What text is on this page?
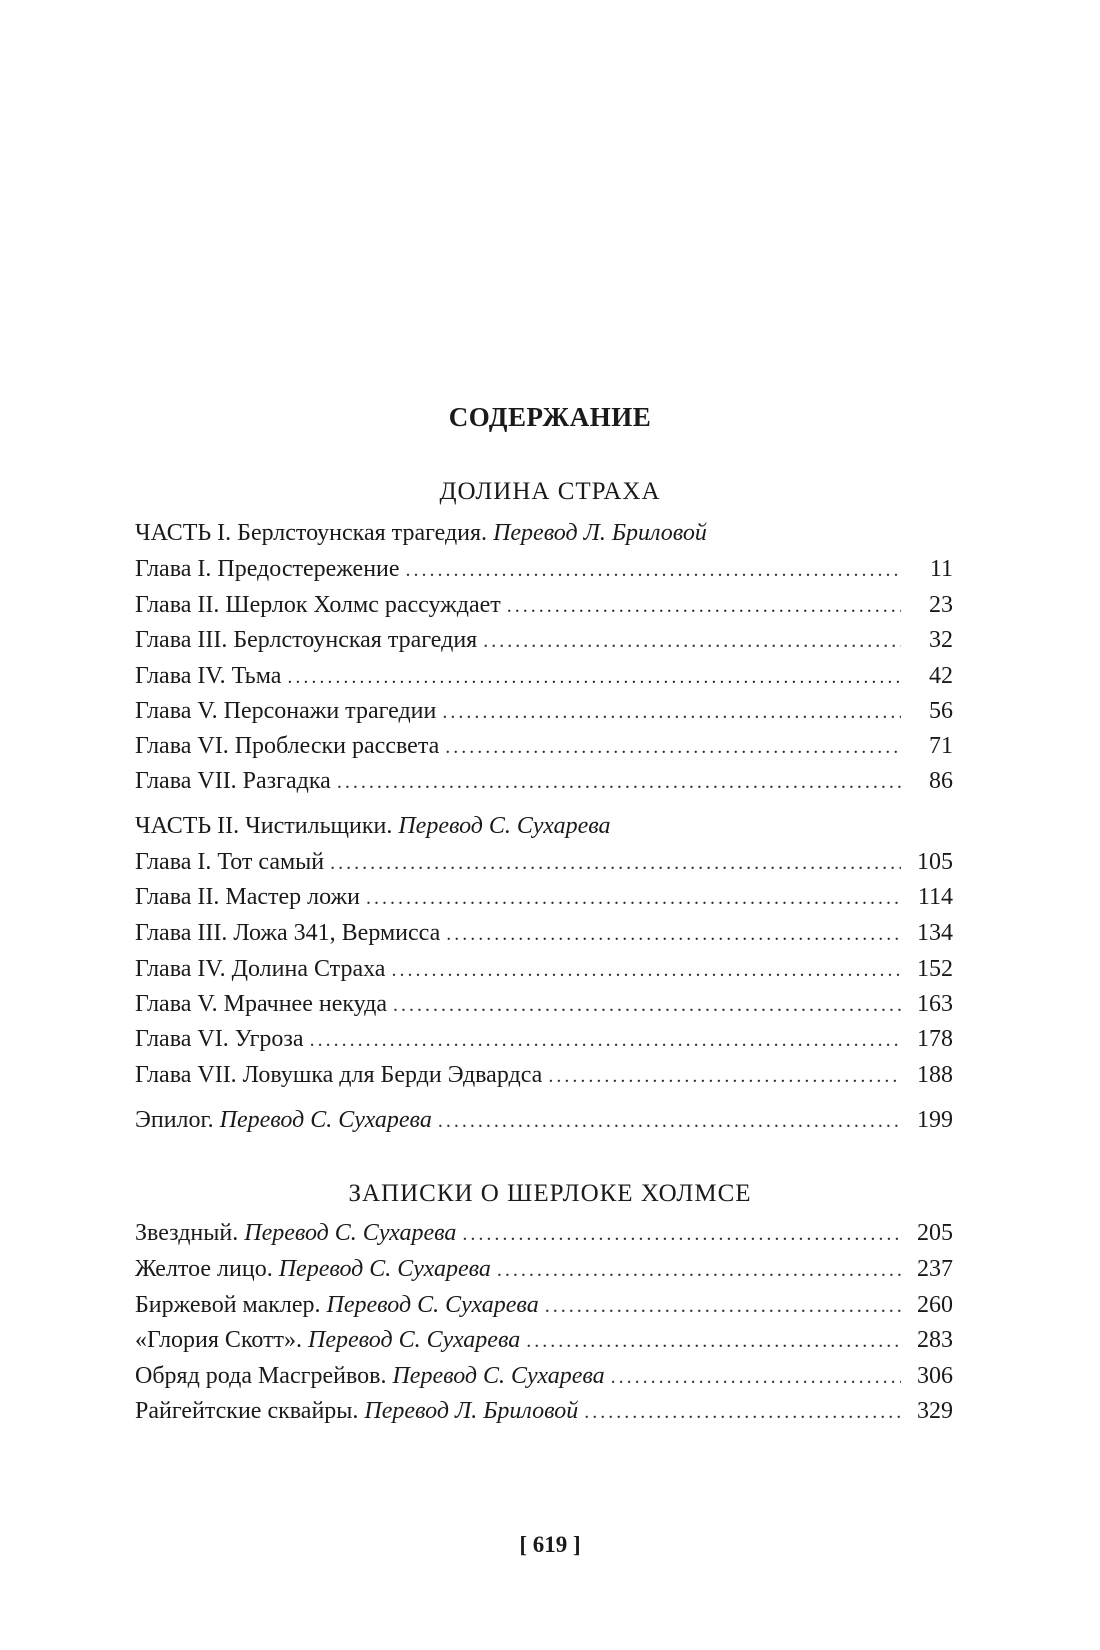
СОДЕРЖАНИЕ
ДОЛИНА СТРАХА
ЧАСТЬ I. Берлстоунская трагедия. Перевод Л. Бриловой
Глава I. Предостережение . . .	11
Глава II. Шерлок Холмс рассуждает . . .	23
Глава III. Берлстоунская трагедия . . .	32
Глава IV. Тьма . . .	42
Глава V. Персонажи трагедии . . .	56
Глава VI. Проблески рассвета . . .	71
Глава VII. Разгадка . . .	86
ЧАСТЬ II. Чистильщики. Перевод С. Сухарева
Глава I. Тот самый . . .	105
Глава II. Мастер ложи . . .	114
Глава III. Ложа 341, Вермисса . . .	134
Глава IV. Долина Страха . . .	152
Глава V. Мрачнее некуда . . .	163
Глава VI. Угроза . . .	178
Глава VII. Ловушка для Берди Эдвардса . . .	188
Эпилог. Перевод С. Сухарева . . .	199
ЗАПИСКИ О ШЕРЛОКЕ ХОЛМСЕ
Звездный. Перевод С. Сухарева . . .	205
Желтое лицо. Перевод С. Сухарева . . .	237
Биржевой маклер. Перевод С. Сухарева . . .	260
«Глория Скотт». Перевод С. Сухарева . . .	283
Обряд рода Масгрейвов. Перевод С. Сухарева . . .	306
Райгейтские сквайры. Перевод Л. Бриловой . . .	329
[ 619 ]
